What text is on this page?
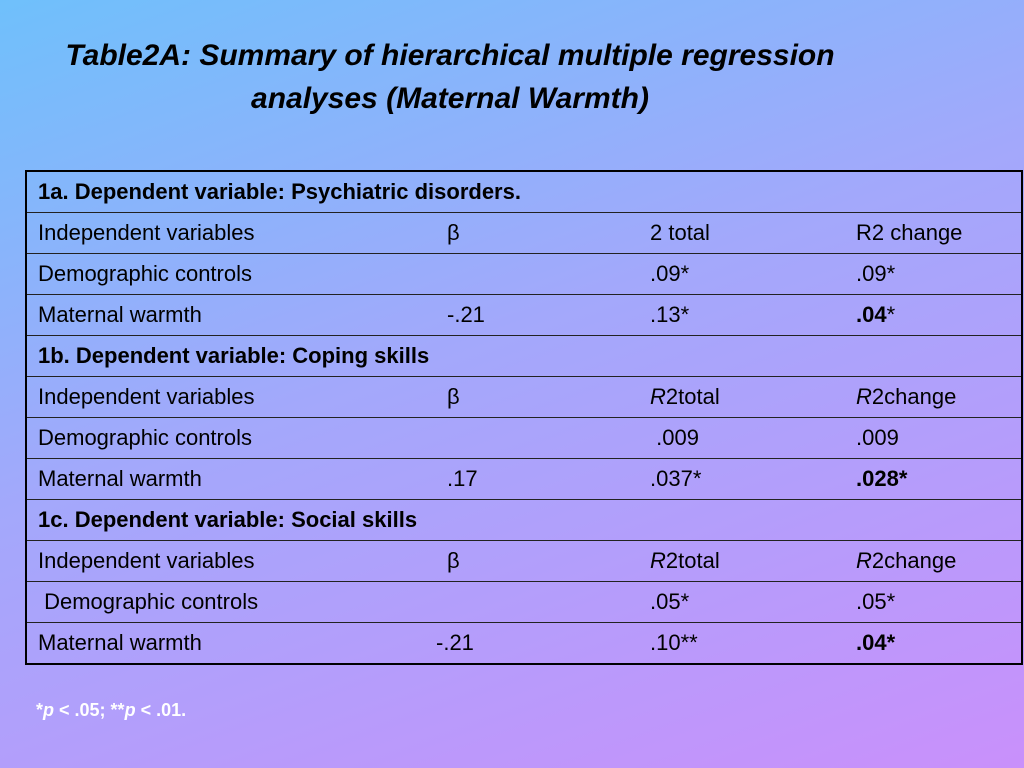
Table2A: Summary of hierarchical multiple regression
analyses (Maternal Warmth)
1a. Dependent variable: Psychiatric disorders.			
Independent variables	β	2 total	R2 change
Demographic controls		.09*	.09*
Maternal warmth	-.21	.13*	.04*
1b. Dependent variable: Coping skills			
Independent variables	β	R2total	R2change
Demographic controls		.009	.009
Maternal warmth	.17	.037*	.028*
1c. Dependent variable: Social skills			
Independent variables	β	R2total	R2change
Demographic controls		.05*	.05*
Maternal warmth	-.21	.10**	.04*
*p < .05; **p < .01.
